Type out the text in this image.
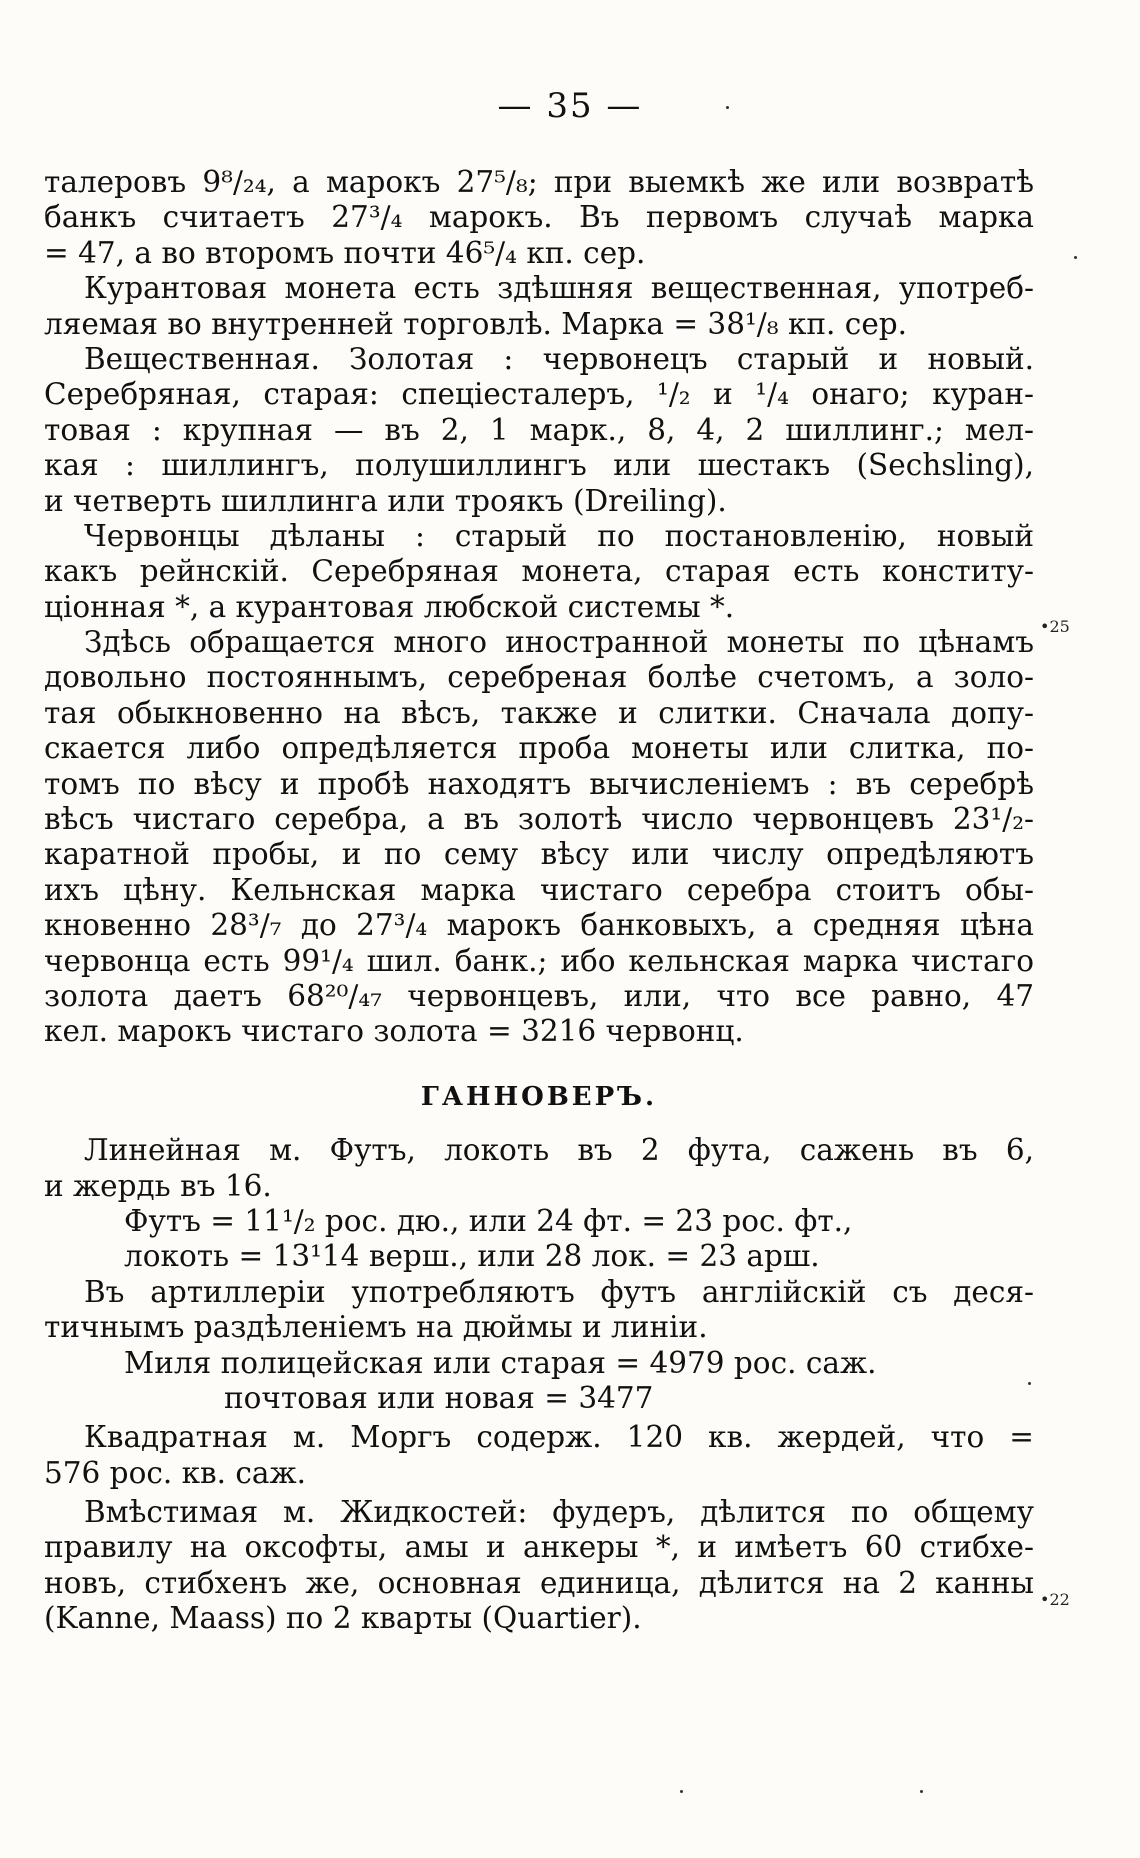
— 35 —
талеровъ 9⁸/₂₄, а марокъ 27⁵/₈; при выемкѣ же или возвратѣ
банкъ считаетъ 27³/₄ марокъ. Въ первомъ случаѣ марка
= 47, а во второмъ почти 46⁵/₄ кп. сер.
Курантовая монета есть здѣшняя вещественная, употреб-
ляемая во внутренней торговлѣ. Марка = 38¹/₈ кп. сер.
Вещественная. Золотая : червонецъ старый и новый.
Серебряная, старая: спеціесталеръ, ¹/₂ и ¹/₄ онаго; куран-
товая : крупная — въ 2, 1 марк., 8, 4, 2 шиллинг.; мел-
кая : шиллингъ, полушиллингъ или шестакъ (Sechsling),
и четверть шиллинга или троякъ (Dreiling).
Червонцы дѣланы : старый по постановленію, новый
какъ рейнскій. Серебряная монета, старая есть конститу-
ціонная *, а курантовая любской системы *.
Здѣсь обращается много иностранной монеты по цѣнамъ
довольно постояннымъ, серебреная болѣе счетомъ, а золо-
тая обыкновенно на вѣсъ, также и слитки. Сначала допу-
скается либо опредѣляется проба монеты или слитка, по-
томъ по вѣсу и пробѣ находятъ вычисленіемъ : въ серебрѣ
вѣсъ чистаго серебра, а въ золотѣ число червонцевъ 23¹/₂-
каратной пробы, и по сему вѣсу или числу опредѣляютъ
ихъ цѣну. Кельнская марка чистаго серебра стоитъ обы-
кновенно 28³/₇ до 27³/₄ марокъ банковыхъ, а средняя цѣна
червонца есть 99¹/₄ шил. банк.; ибо кельнская марка чистаго
золота даетъ 68²⁰/₄₇ червонцевъ, или, что все равно, 47
кел. марокъ чистаго золота = 3216 червонц.
ГАННОВЕРЪ.
Линейная м. Футъ, локоть въ 2 фута, сажень въ 6,
и жердь въ 16.
Футъ = 11¹/₂ рос. дю., или 24 фт. = 23 рос. фт.,
локоть = 13¹14 верш., или 28 лок. = 23 арш.
Въ артиллеріи употребляютъ футъ англійскій съ деся-
тичнымъ раздѣленіемъ на дюймы и линіи.
Миля полицейская или старая = 4979 рос. саж.
почтовая или новая = 3477
Квадратная м. Моргъ содерж. 120 кв. жердей, что =
576 рос. кв. саж.
Вмѣстимая м. Жидкостей: фудеръ, дѣлится по общему
правилу на оксофты, амы и анкеры *, и имѣетъ 60 стибхе-
новъ, стибхенъ же, основная единица, дѣлится на 2 канны
(Kanne, Maass) по 2 кварты (Quartier).
•25
•22
